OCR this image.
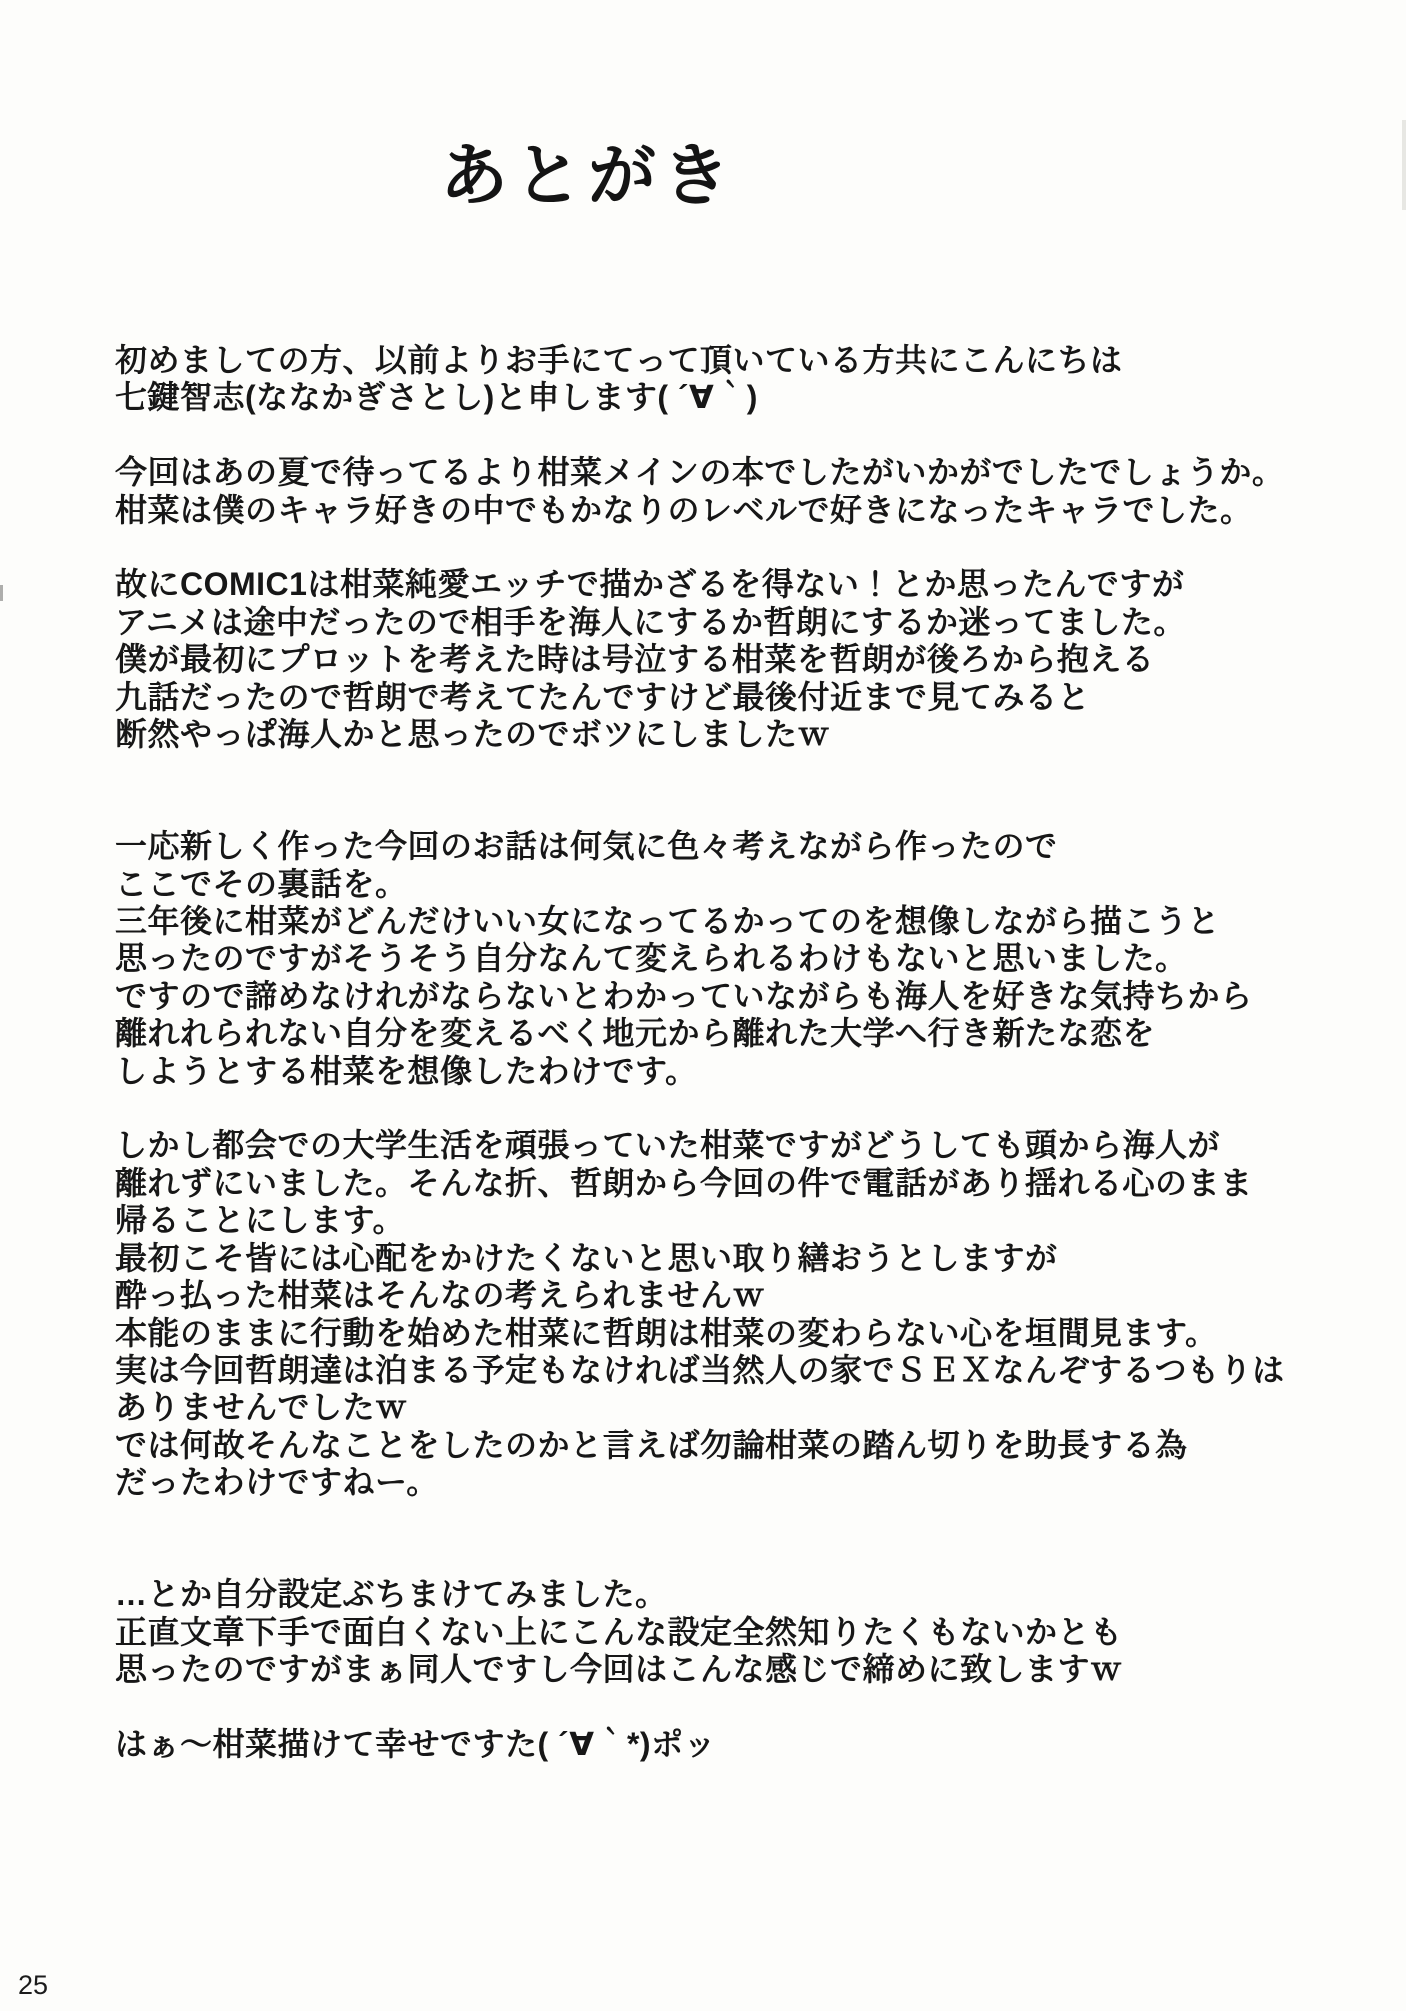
あとがき

初めましての方、以前よりお手にてって頂いている方共にこんにちは
七鍵智志(ななかぎさとし)と申します( ´∀｀)

今回はあの夏で待ってるより柑菜メインの本でしたがいかがでしたでしょうか。
柑菜は僕のキャラ好きの中でもかなりのレベルで好きになったキャラでした。

故にCOMIC1は柑菜純愛エッチで描かざるを得ない！とか思ったんですが
アニメは途中だったので相手を海人にするか哲朗にするか迷ってました。
僕が最初にプロットを考えた時は号泣する柑菜を哲朗が後ろから抱える
九話だったので哲朗で考えてたんですけど最後付近まで見てみると
断然やっぱ海人かと思ったのでボツにしましたｗ

一応新しく作った今回のお話は何気に色々考えながら作ったので
ここでその裏話を。
三年後に柑菜がどんだけいい女になってるかってのを想像しながら描こうと
思ったのですがそうそう自分なんて変えられるわけもないと思いました。
ですので諦めなけれがならないとわかっていながらも海人を好きな気持ちから
離れれられない自分を変えるべく地元から離れた大学へ行き新たな恋を
しようとする柑菜を想像したわけです。

しかし都会での大学生活を頑張っていた柑菜ですがどうしても頭から海人が
離れずにいました。そんな折、哲朗から今回の件で電話があり揺れる心のまま
帰ることにします。
最初こそ皆には心配をかけたくないと思い取り繕おうとしますが
酔っ払った柑菜はそんなの考えられませんｗ
本能のままに行動を始めた柑菜に哲朗は柑菜の変わらない心を垣間見ます。
実は今回哲朗達は泊まる予定もなければ当然人の家でＳＥＸなんぞするつもりは
ありませんでしたｗ
では何故そんなことをしたのかと言えば勿論柑菜の踏ん切りを助長する為
だったわけですねー。

…とか自分設定ぶちまけてみました。
正直文章下手で面白くない上にこんな設定全然知りたくもないかとも
思ったのですがまぁ同人ですし今回はこんな感じで締めに致しますｗ

はぁ〜柑菜描けて幸せですた( ´∀｀*)ポッ

25
